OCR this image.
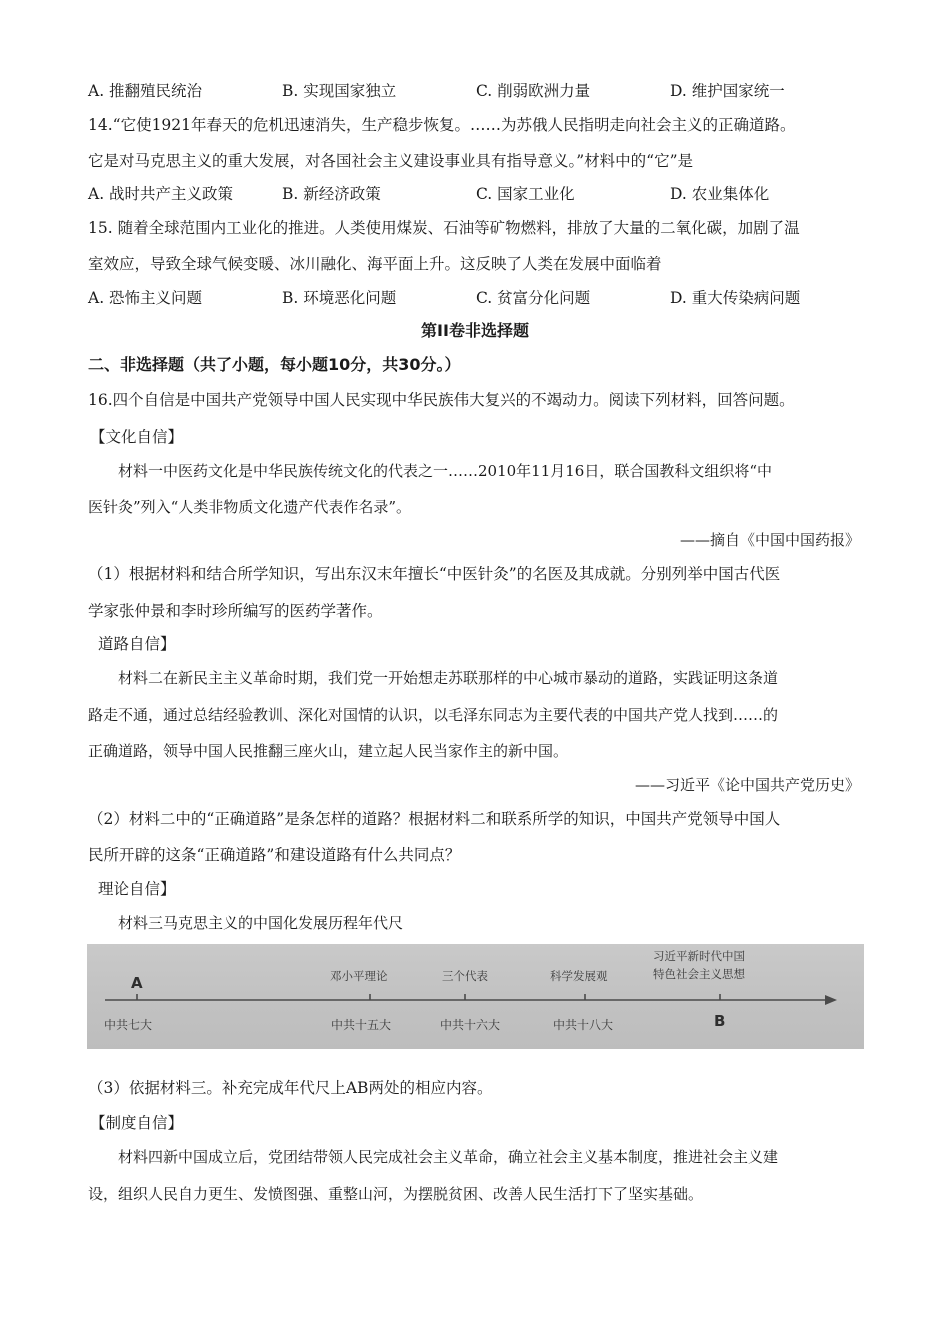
A. 推翻殖民统治	B. 实现国家独立	C. 削弱欧洲力量	D. 维护国家统一
14.“它使1921年春天的危机迅速消失，生产稳步恢复。……为苏俄人民指明走向社会主义的正确道路。
它是对马克思主义的重大发展，对各国社会主义建设事业具有指导意义。”材料中的“它”是
A. 战时共产主义政策	B. 新经济政策	C. 国家工业化	D. 农业集体化
15. 随着全球范围内工业化的推进。人类使用煤炭、石油等矿物燃料，排放了大量的二氧化碳，加剧了温
室效应，导致全球气候变暖、冰川融化、海平面上升。这反映了人类在发展中面临着
A. 恐怖主义问题	B. 环境恶化问题	C. 贫富分化问题	D. 重大传染病问题
第II卷非选择题
二、非选择题（共了小题，每小题10分，共30分。）
16.四个自信是中国共产党领导中国人民实现中华民族伟大复兴的不竭动力。阅读下列材料，回答问题。
【文化自信】
材料一中医药文化是中华民族传统文化的代表之一……2010年11月16日，联合国教科文组织将“中
医针灸”列入“人类非物质文化遗产代表作名录”。
——摘自《中国中国药报》
（1）根据材料和结合所学知识，写出东汉末年擅长“中医针灸”的名医及其成就。分别列举中国古代医
学家张仲景和李时珍所编写的医药学著作。
道路自信】
材料二在新民主主义革命时期，我们党一开始想走苏联那样的中心城市暴动的道路，实践证明这条道
路走不通，通过总结经验教训、深化对国情的认识，以毛泽东同志为主要代表的中国共产党人找到……的
正确道路，领导中国人民推翻三座火山，建立起人民当家作主的新中国。
——习近平《论中国共产党历史》
（2）材料二中的“正确道路”是条怎样的道路？根据材料二和联系所学的知识，中国共产党领导中国人
民所开辟的这条“正确道路”和建设道路有什么共同点？
理论自信】
材料三马克思主义的中国化发展历程年代尺
A	邓小平理论	三个代表	科学发展观
习近平新时代中国
特色社会主义思想
中共七大	中共十五大	中共十六大	中共十八大	B
（3）依据材料三。补充完成年代尺上AB两处的相应内容。
【制度自信】
材料四新中国成立后，党团结带领人民完成社会主义革命，确立社会主义基本制度，推进社会主义建
设，组织人民自力更生、发愤图强、重整山河，为摆脱贫困、改善人民生活打下了坚实基础。
